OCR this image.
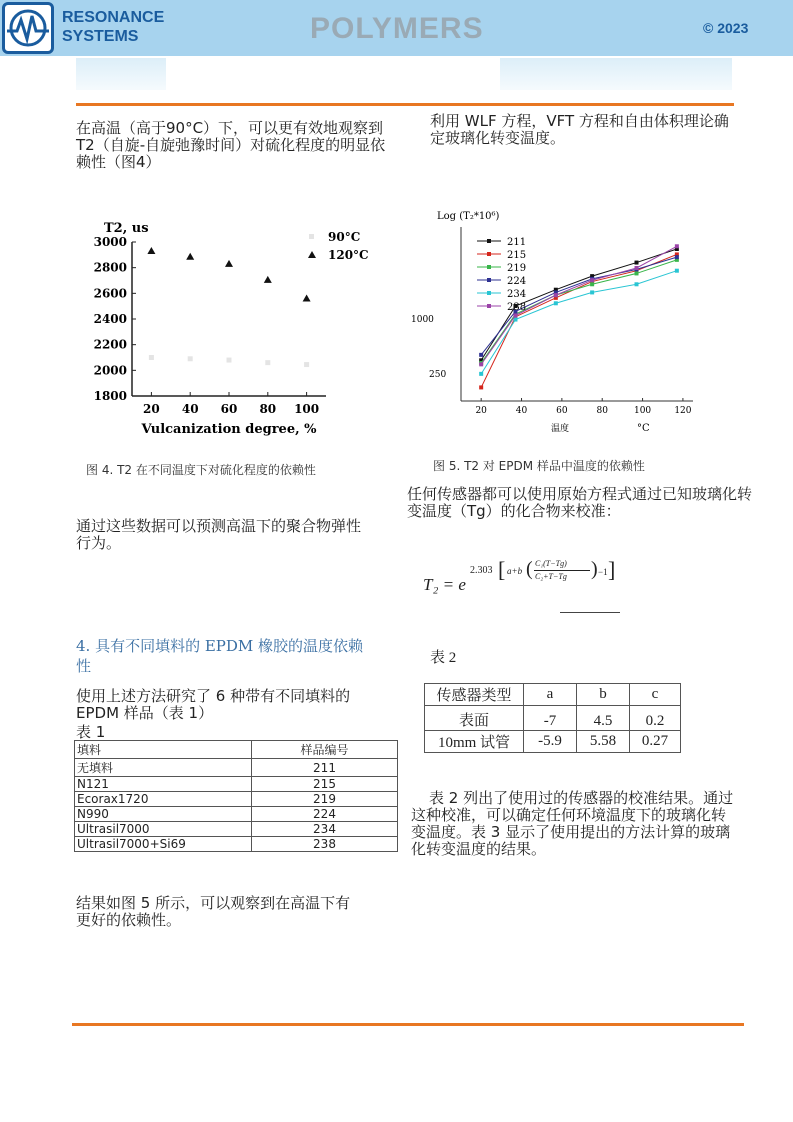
RESONANCE
SYSTEMS	POLYMERS	© 2023
在高温（高于90°C）下，可以更有效地观察到T2（自旋-自旋弛豫时间）对硫化程度的明显依赖性（图4）
20 40 60 80 100
1800
2000
2200
2400
2600
2800
3000
T2, us
Vulcanization degree, %
90°C
120°C
图 4. T2 在不同温度下对硫化程度的依赖性
通过这些数据可以预测高温下的聚合物弹性行为。
4. 具有不同填料的 EPDM 橡胶的温度依赖性
使用上述方法研究了 6 种带有不同填料的 EPDM 样品（表 1）
表 1
填料	样品编号
无填料	211
N121	215
Ecorax1720	219
N990	224
Ultrasil7000	234
Ultrasil7000+Si69	238
结果如图 5 所示，可以观察到在高温下有更好的依赖性。
利用 WLF 方程，VFT 方程和自由体积理论确定玻璃化转变温度。
20	40	60	80	100	120
250
1000
Log (T₂*10⁶)
温度	°C
211
215
219
224
234
238
图 5. T2 对 EPDM 样品中温度的依赖性
任何传感器都可以使用原始方程式通过已知玻璃化转变温度（Tg）的化合物来校准：
T₂ = e
2.303 [ a+b ( C₁(T−Tg)
C₂+T−Tg ) −1 ]
表 2
传感器类型	a	b	c
表面	-7	4.5	0.2
10mm 试管	-5.9	5.58	0.27
表 2 列出了使用过的传感器的校准结果。通过这种校准，可以确定任何环境温度下的玻璃化转变温度。表 3 显示了使用提出的方法计算的玻璃化转变温度的结果。
